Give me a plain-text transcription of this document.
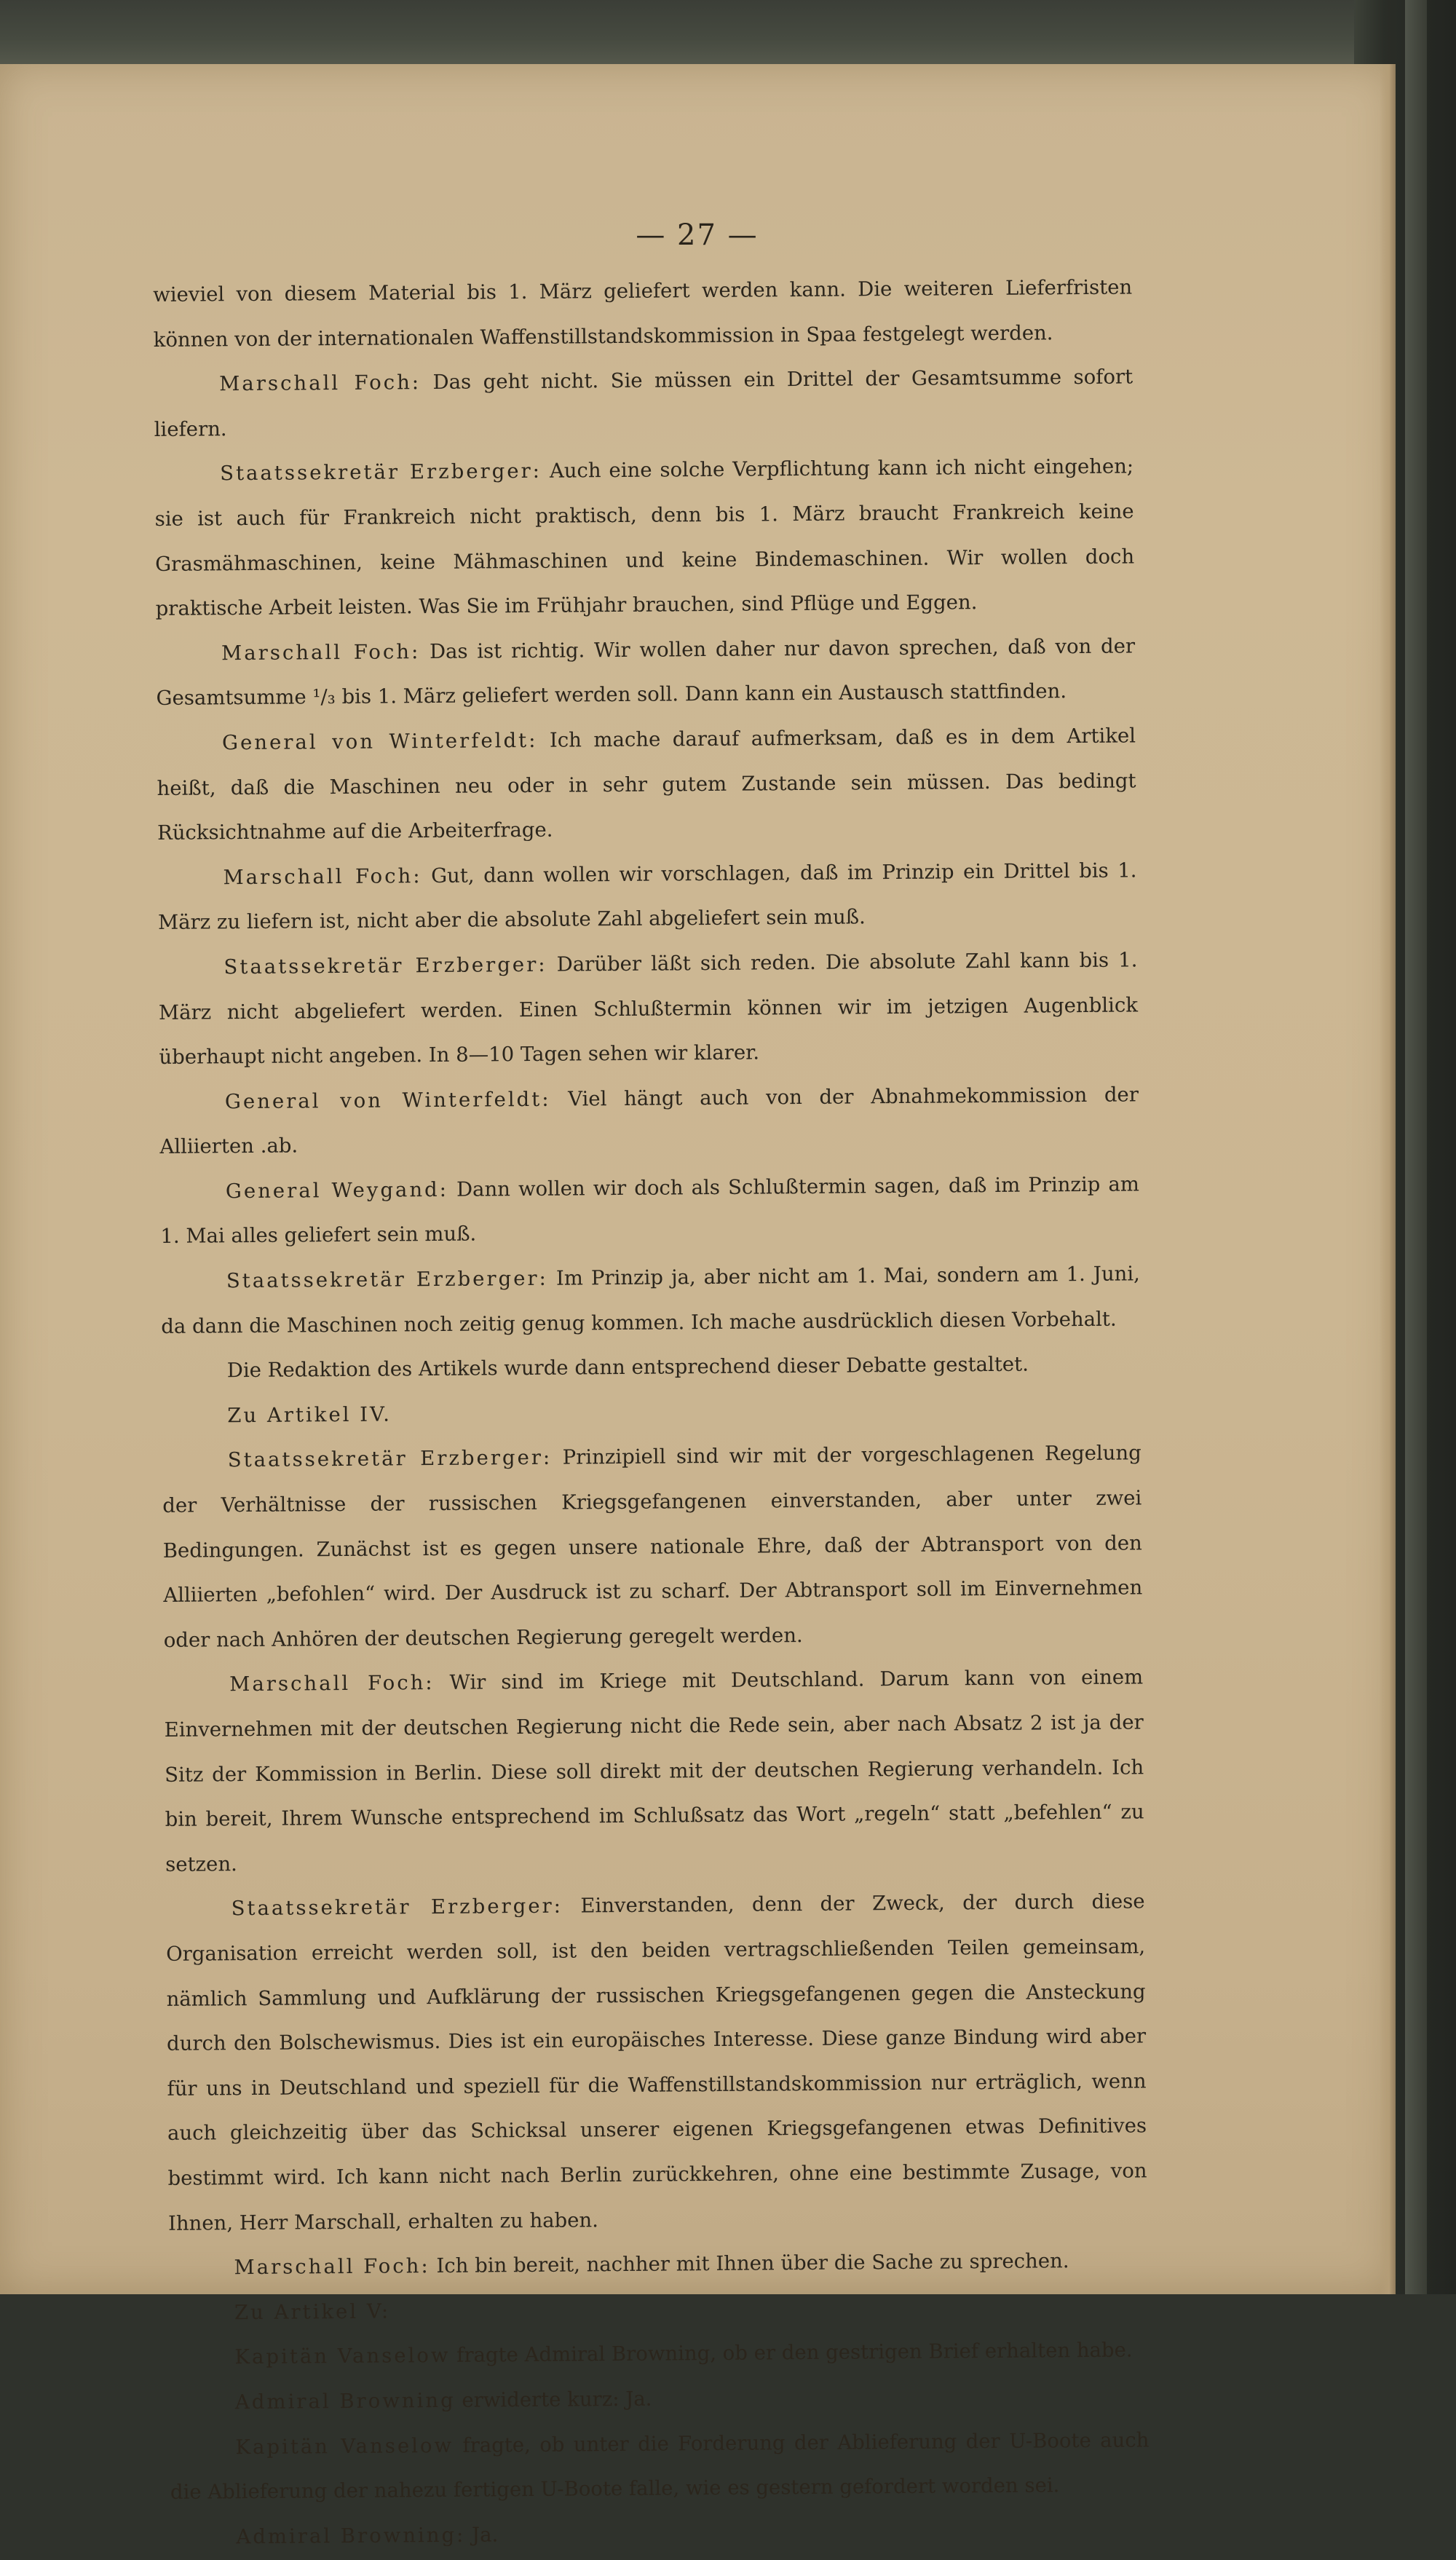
— 27 —

wieviel von diesem Material bis 1. März geliefert werden kann. Die weiteren Lieferfristen können von der internationalen Waffenstillstandskommission in Spaa festgelegt werden.

Marschall Foch: Das geht nicht. Sie müssen ein Drittel der Gesamtsumme sofort liefern.

Staatssekretär Erzberger: Auch eine solche Verpflichtung kann ich nicht eingehen; sie ist auch für Frankreich nicht praktisch, denn bis 1. März braucht Frankreich keine Grasmähmaschinen, keine Mähmaschinen und keine Bindemaschinen. Wir wollen doch praktische Arbeit leisten. Was Sie im Frühjahr brauchen, sind Pflüge und Eggen.

Marschall Foch: Das ist richtig. Wir wollen daher nur davon sprechen, daß von der Gesamtsumme ¹/₃ bis 1. März geliefert werden soll. Dann kann ein Austausch stattfinden.

General von Winterfeldt: Ich mache darauf aufmerksam, daß es in dem Artikel heißt, daß die Maschinen neu oder in sehr gutem Zustande sein müssen. Das bedingt Rücksichtnahme auf die Arbeiterfrage.

Marschall Foch: Gut, dann wollen wir vorschlagen, daß im Prinzip ein Drittel bis 1. März zu liefern ist, nicht aber die absolute Zahl abgeliefert sein muß.

Staatssekretär Erzberger: Darüber läßt sich reden. Die absolute Zahl kann bis 1. März nicht abgeliefert werden. Einen Schlußtermin können wir im jetzigen Augenblick überhaupt nicht angeben. In 8—10 Tagen sehen wir klarer.

General von Winterfeldt: Viel hängt auch von der Abnahmekommission der Alliierten .ab.

General Weygand: Dann wollen wir doch als Schlußtermin sagen, daß im Prinzip am 1. Mai alles geliefert sein muß.

Staatssekretär Erzberger: Im Prinzip ja, aber nicht am 1. Mai, sondern am 1. Juni, da dann die Maschinen noch zeitig genug kommen. Ich mache ausdrücklich diesen Vorbehalt.

Die Redaktion des Artikels wurde dann entsprechend dieser Debatte gestaltet.

Zu Artikel IV.

Staatssekretär Erzberger: Prinzipiell sind wir mit der vorgeschlagenen Regelung der Verhältnisse der russischen Kriegsgefangenen einverstanden, aber unter zwei Bedingungen. Zunächst ist es gegen unsere nationale Ehre, daß der Abtransport von den Alliierten „befohlen“ wird. Der Ausdruck ist zu scharf. Der Abtransport soll im Einvernehmen oder nach Anhören der deutschen Regierung geregelt werden.

Marschall Foch: Wir sind im Kriege mit Deutschland. Darum kann von einem Einvernehmen mit der deutschen Regierung nicht die Rede sein, aber nach Absatz 2 ist ja der Sitz der Kommission in Berlin. Diese soll direkt mit der deutschen Regierung verhandeln. Ich bin bereit, Ihrem Wunsche entsprechend im Schlußsatz das Wort „regeln“ statt „befehlen“ zu setzen.

Staatssekretär Erzberger: Einverstanden, denn der Zweck, der durch diese Organisation erreicht werden soll, ist den beiden vertragschließenden Teilen gemeinsam, nämlich Sammlung und Aufklärung der russischen Kriegsgefangenen gegen die Ansteckung durch den Bolschewismus. Dies ist ein europäisches Interesse. Diese ganze Bindung wird aber für uns in Deutschland und speziell für die Waffenstillstandskommission nur erträglich, wenn auch gleichzeitig über das Schicksal unserer eigenen Kriegsgefangenen etwas Definitives bestimmt wird. Ich kann nicht nach Berlin zurückkehren, ohne eine bestimmte Zusage, von Ihnen, Herr Marschall, erhalten zu haben.

Marschall Foch: Ich bin bereit, nachher mit Ihnen über die Sache zu sprechen.

Zu Artikel V:

Kapitän Vanselow fragte Admiral Browning, ob er den gestrigen Brief erhalten habe.

Admiral Browning erwiderte kurz: Ja.

Kapitän Vanselow fragte, ob unter die Forderung der Ablieferung der U-Boote auch die Ablieferung der nahezu fertigen U-Boote falle, wie es gestern gefordert worden sei.

Admiral Browning: Ja.
